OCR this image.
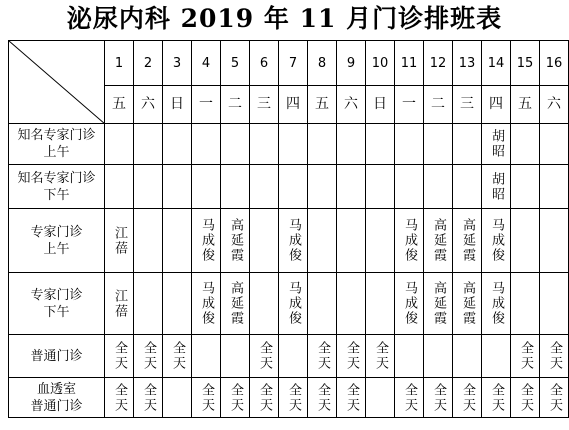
泌尿内科 2019 年 11 月门诊排班表
	1	2	3	4	5	6	7	8	9	10	11	12	13	14	15	16
	五	六	日	一	二	三	四	五	六	日	一	二	三	四	五	六

知名专家门诊
上午														胡昭		

知名专家门诊
下午														胡昭		

专家门诊
上午	江蓓			马成俊	高延霞		马成俊				马成俊	高延霞	高延霞	马成俊		

专家门诊
下午	江蓓			马成俊	高延霞		马成俊				马成俊	高延霞	高延霞	马成俊		

普通门诊	全天	全天	全天			全天		全天	全天	全天					全天	全天

血透室
普通门诊	全天	全天		全天	全天	全天	全天	全天	全天		全天	全天	全天	全天	全天	全天
